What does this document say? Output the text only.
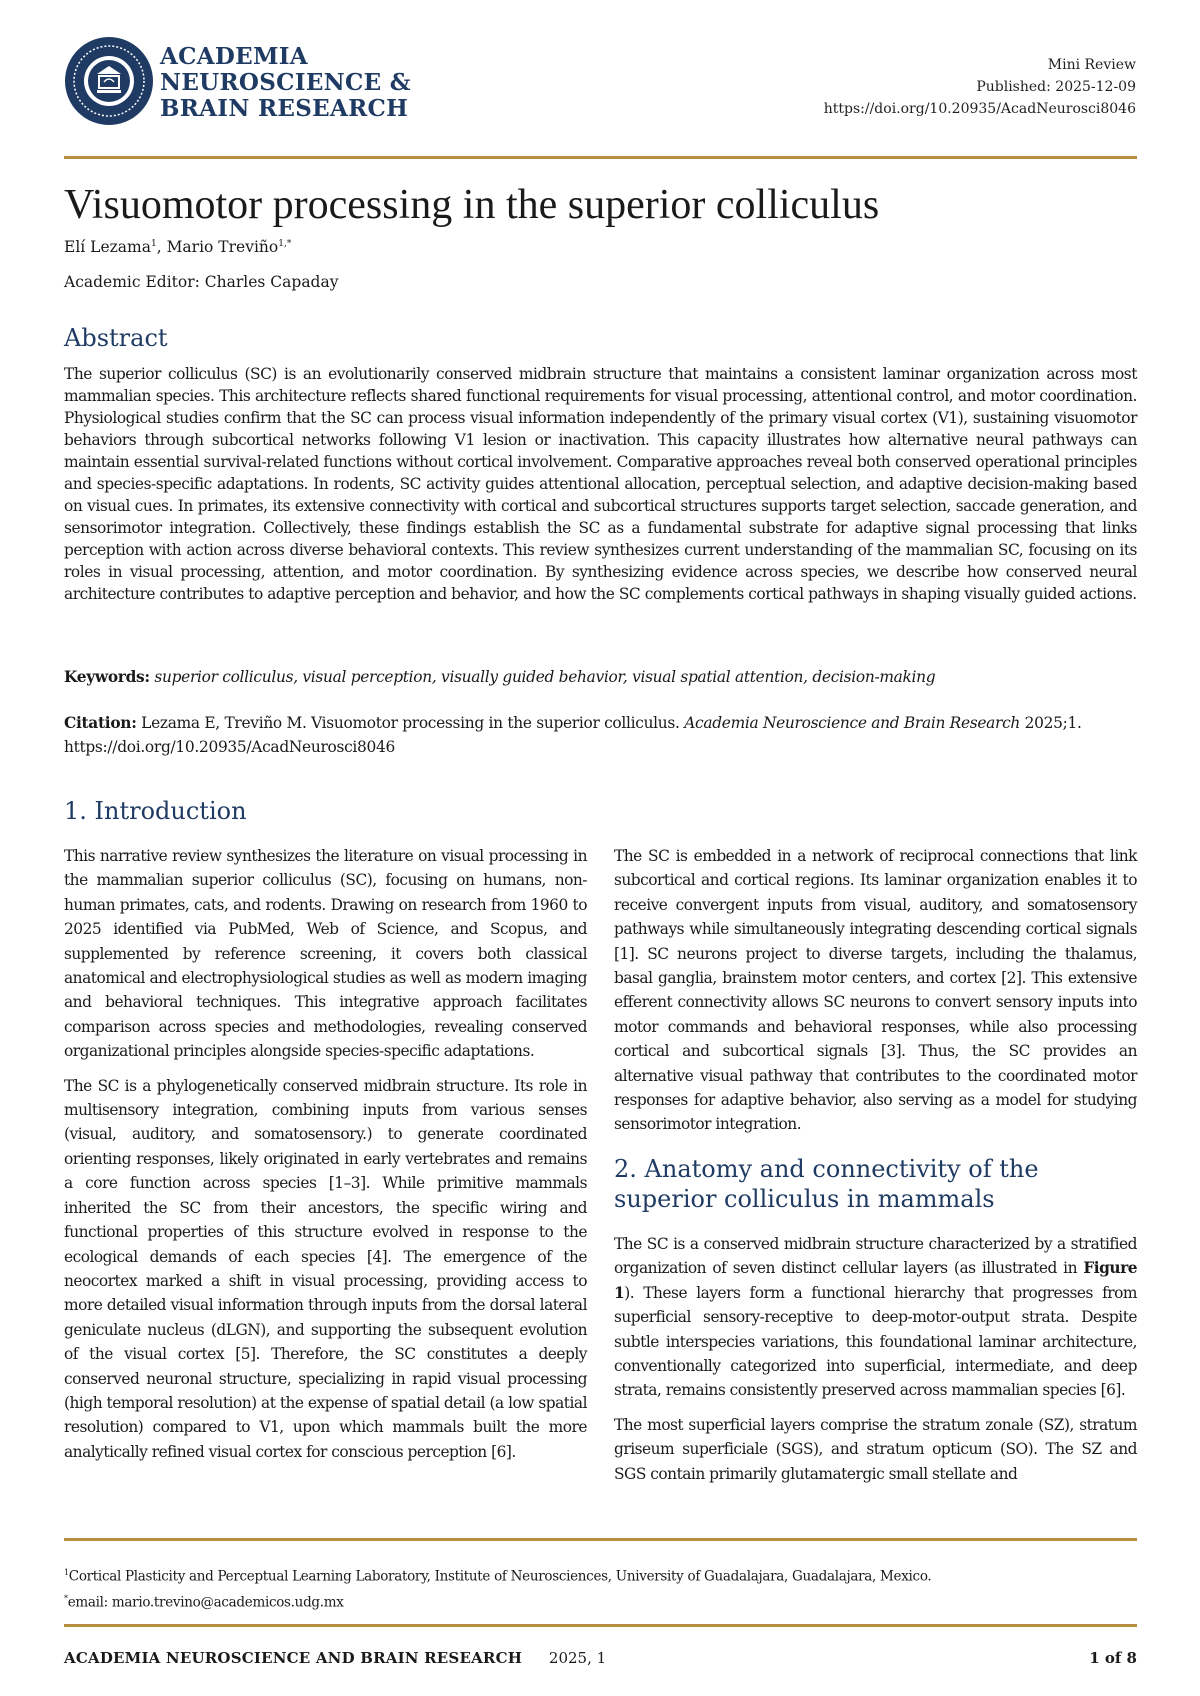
ACADEMIA
NEUROSCIENCE &
BRAIN RESEARCH
Mini Review
Published: 2025-12-09
https://doi.org/10.20935/AcadNeurosci8046
Visuomotor processing in the superior colliculus
Elí Lezama$^1$, Mario Treviño$^{1,*}$
Academic Editor: Charles Capaday
Abstract

The superior colliculus (SC) is an evolutionarily conserved midbrain structure that maintains a consistent laminar organization across most mammalian species. This architecture reflects shared functional requirements for visual processing, attentional control, and motor coordination. Physiological studies confirm that the SC can process visual information independently of the primary visual cortex (V1), sustaining visuomotor behaviors through subcortical networks following V1 lesion or inactivation. This capacity illustrates how alternative neural pathways can maintain essential survival-related functions without cortical involvement. Comparative approaches reveal both conserved operational principles and species-specific adaptations. In rodents, SC activity guides attentional allocation, perceptual selection, and adaptive decision-making based on visual cues. In primates, its extensive connectivity with cortical and subcortical structures supports target selection, saccade generation, and sensorimotor integration. Collectively, these findings establish the SC as a fundamental substrate for adaptive signal processing that links perception with action across diverse behavioral contexts. This review synthesizes current understanding of the mammalian SC, focusing on its roles in visual processing, attention, and motor coordination. By synthesizing evidence across species, we describe how conserved neural architecture contributes to adaptive perception and behavior, and how the SC complements cortical pathways in shaping visually guided actions.

Keywords: superior colliculus, visual perception, visually guided behavior, visual spatial attention, decision-making
Citation: Lezama E, Treviño M. Visuomotor processing in the superior colliculus. Academia Neuroscience and Brain Research 2025;1.
https://doi.org/10.20935/AcadNeurosci8046
1. Introduction

This narrative review synthesizes the literature on visual processing in the mammalian superior colliculus (SC), focusing on humans, non-human primates, cats, and rodents. Drawing on research from 1960 to 2025 identified via PubMed, Web of Science, and Scopus, and supplemented by reference screening, it covers both classical anatomical and electrophysiological studies as well as modern imaging and behavioral techniques. This integrative approach facilitates comparison across species and methodologies, revealing conserved organizational principles alongside species-specific adaptations.

The SC is a phylogenetically conserved midbrain structure. Its role in multisensory integration, combining inputs from various senses (visual, auditory, and somatosensory.) to generate coordinated orienting responses, likely originated in early vertebrates and remains a core function across species [1–3]. While primitive mammals inherited the SC from their ancestors, the specific wiring and functional properties of this structure evolved in response to the ecological demands of each species [4]. The emergence of the neocortex marked a shift in visual processing, providing access to more detailed visual information through inputs from the dorsal lateral geniculate nucleus (dLGN), and supporting the subsequent evolution of the visual cortex [5]. Therefore, the SC constitutes a deeply conserved neuronal structure, specializing in rapid visual processing (high temporal resolution) at the expense of spatial detail (a low spatial resolution) compared to V1, upon which mammals built the more analytically refined visual cortex for conscious perception [6].

The SC is embedded in a network of reciprocal connections that link subcortical and cortical regions. Its laminar organization enables it to receive convergent inputs from visual, auditory, and somatosensory pathways while simultaneously integrating descending cortical signals [1]. SC neurons project to diverse targets, including the thalamus, basal ganglia, brainstem motor centers, and cortex [2]. This extensive efferent connectivity allows SC neurons to convert sensory inputs into motor commands and behavioral responses, while also processing cortical and subcortical signals [3]. Thus, the SC provides an alternative visual pathway that contributes to the coordinated motor responses for adaptive behavior, also serving as a model for studying sensorimotor integration.

2. Anatomy and connectivity of the superior colliculus in mammals

The SC is a conserved midbrain structure characterized by a stratified organization of seven distinct cellular layers (as illustrated in Figure 1). These layers form a functional hierarchy that progresses from superficial sensory-receptive to deep-motor-output strata. Despite subtle interspecies variations, this foundational laminar architecture, conventionally categorized into superficial, intermediate, and deep strata, remains consistently preserved across mammalian species [6].

The most superficial layers comprise the stratum zonale (SZ), stratum griseum superficiale (SGS), and stratum opticum (SO). The SZ and SGS contain primarily glutamatergic small stellate and

$^1$Cortical Plasticity and Perceptual Learning Laboratory, Institute of Neurosciences, University of Guadalajara, Guadalajara, Mexico.
*email: mario.trevino@academicos.udg.mx
ACADEMIA NEUROSCIENCE AND BRAIN RESEARCH 2025, 1	1 of 8
